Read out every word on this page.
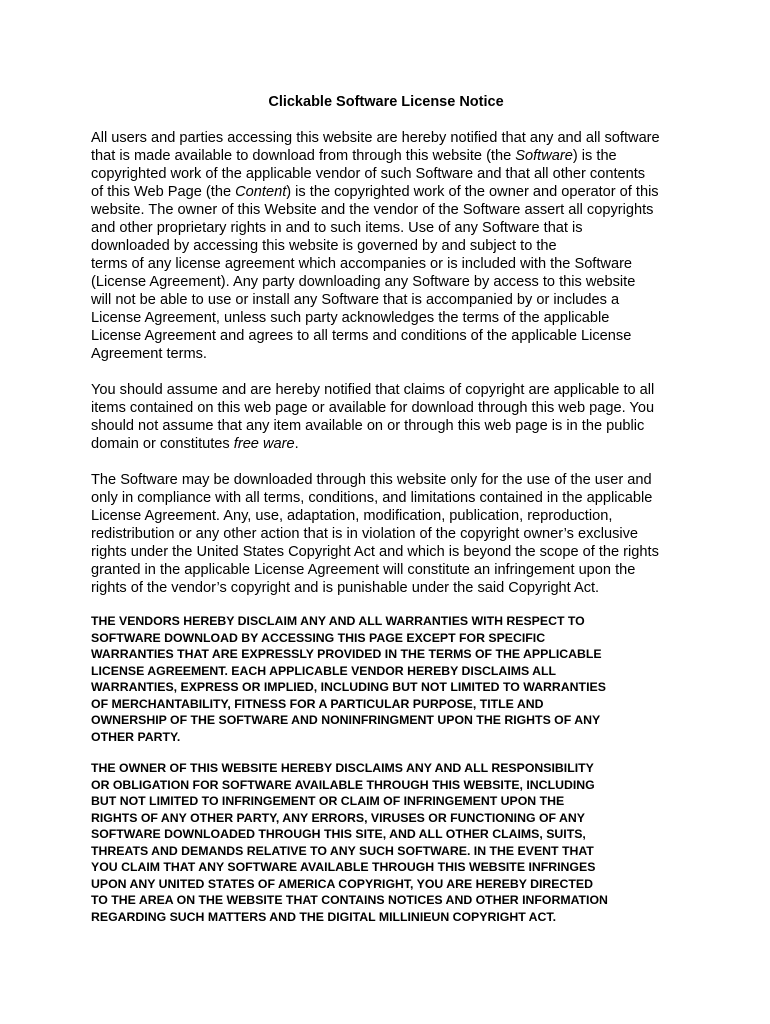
Clickable Software License Notice
All users and parties accessing this website are hereby notified that any and all software
that is made available to download from through this website (the Software) is the
copyrighted work of the applicable vendor of such Software and that all other contents
of this Web Page (the Content) is the copyrighted work of the owner and operator of this
website. The owner of this Website and the vendor of the Software assert all copyrights
and other proprietary rights in and to such items. Use of any Software that is
downloaded by accessing this website is governed by and subject to the
terms of any license agreement which accompanies or is included with the Software
(License Agreement). Any party downloading any Software by access to this website
will not be able to use or install any Software that is accompanied by or includes a
License Agreement, unless such party acknowledges the terms of the applicable
License Agreement and agrees to all terms and conditions of the applicable License
Agreement terms.
You should assume and are hereby notified that claims of copyright are applicable to all
items contained on this web page or available for download through this web page. You
should not assume that any item available on or through this web page is in the public
domain or constitutes free ware.
The Software may be downloaded through this website only for the use of the user and
only in compliance with all terms, conditions, and limitations contained in the applicable
License Agreement. Any, use, adaptation, modification, publication, reproduction,
redistribution or any other action that is in violation of the copyright owner’s exclusive
rights under the United States Copyright Act and which is beyond the scope of the rights
granted in the applicable License Agreement will constitute an infringement upon the
rights of the vendor’s copyright and is punishable under the said Copyright Act.
THE VENDORS HEREBY DISCLAIM ANY AND ALL WARRANTIES WITH RESPECT TO
SOFTWARE DOWNLOAD BY ACCESSING THIS PAGE EXCEPT FOR SPECIFIC
WARRANTIES THAT ARE EXPRESSLY PROVIDED IN THE TERMS OF THE APPLICABLE
LICENSE AGREEMENT. EACH APPLICABLE VENDOR HEREBY DISCLAIMS ALL
WARRANTIES, EXPRESS OR IMPLIED, INCLUDING BUT NOT LIMITED TO WARRANTIES
OF MERCHANTABILITY, FITNESS FOR A PARTICULAR PURPOSE, TITLE AND
OWNERSHIP OF THE SOFTWARE AND NONINFRINGMENT UPON THE RIGHTS OF ANY
OTHER PARTY.
THE OWNER OF THIS WEBSITE HEREBY DISCLAIMS ANY AND ALL RESPONSIBILITY
OR OBLIGATION FOR SOFTWARE AVAILABLE THROUGH THIS WEBSITE, INCLUDING
BUT NOT LIMITED TO INFRINGEMENT OR CLAIM OF INFRINGEMENT UPON THE
RIGHTS OF ANY OTHER PARTY, ANY ERRORS, VIRUSES OR FUNCTIONING OF ANY
SOFTWARE DOWNLOADED THROUGH THIS SITE, AND ALL OTHER CLAIMS, SUITS,
THREATS AND DEMANDS RELATIVE TO ANY SUCH SOFTWARE. IN THE EVENT THAT
YOU CLAIM THAT ANY SOFTWARE AVAILABLE THROUGH THIS WEBSITE INFRINGES
UPON ANY UNITED STATES OF AMERICA COPYRIGHT, YOU ARE HEREBY DIRECTED
TO THE AREA ON THE WEBSITE THAT CONTAINS NOTICES AND OTHER INFORMATION
REGARDING SUCH MATTERS AND THE DIGITAL MILLINIEUN COPYRIGHT ACT.
